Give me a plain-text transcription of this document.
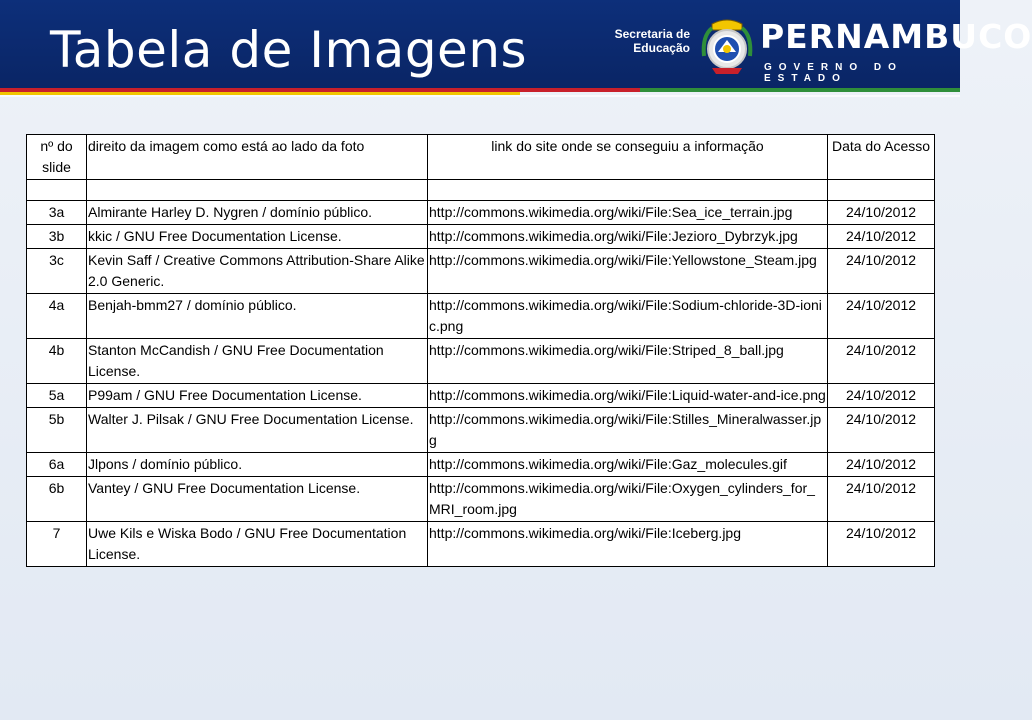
Tabela de Imagens	Secretaria de
Educação PERNAMBUCO
GOVERNO DO ESTADO
nº do slide	direito da imagem como está ao lado da foto	link do site onde se conseguiu a informação	Data do Acesso

3a	Almirante Harley D. Nygren / domínio público.	http://commons.wikimedia.org/wiki/File:Sea_ice_terrain.jpg	24/10/2012
3b	kkic / GNU Free Documentation License.	http://commons.wikimedia.org/wiki/File:Jezioro_Dybrzyk.jpg	24/10/2012
3c	Kevin Saff / Creative Commons Attribution-Share Alike 2.0 Generic.	http://commons.wikimedia.org/wiki/File:Yellowstone_Steam.jpg	24/10/2012
4a	Benjah-bmm27 / domínio público.	http://commons.wikimedia.org/wiki/File:Sodium-chloride-3D-ionic.png	24/10/2012
4b	Stanton McCandish / GNU Free Documentation License.	http://commons.wikimedia.org/wiki/File:Striped_8_ball.jpg	24/10/2012
5a	P99am / GNU Free Documentation License.	http://commons.wikimedia.org/wiki/File:Liquid-water-and-ice.png	24/10/2012
5b	Walter J. Pilsak / GNU Free Documentation License.	http://commons.wikimedia.org/wiki/File:Stilles_Mineralwasser.jpg	24/10/2012
6a	Jlpons / domínio público.	http://commons.wikimedia.org/wiki/File:Gaz_molecules.gif	24/10/2012
6b	Vantey / GNU Free Documentation License.	http://commons.wikimedia.org/wiki/File:Oxygen_cylinders_for_MRI_room.jpg	24/10/2012
7	Uwe Kils e Wiska Bodo / GNU Free Documentation License.	http://commons.wikimedia.org/wiki/File:Iceberg.jpg	24/10/2012
